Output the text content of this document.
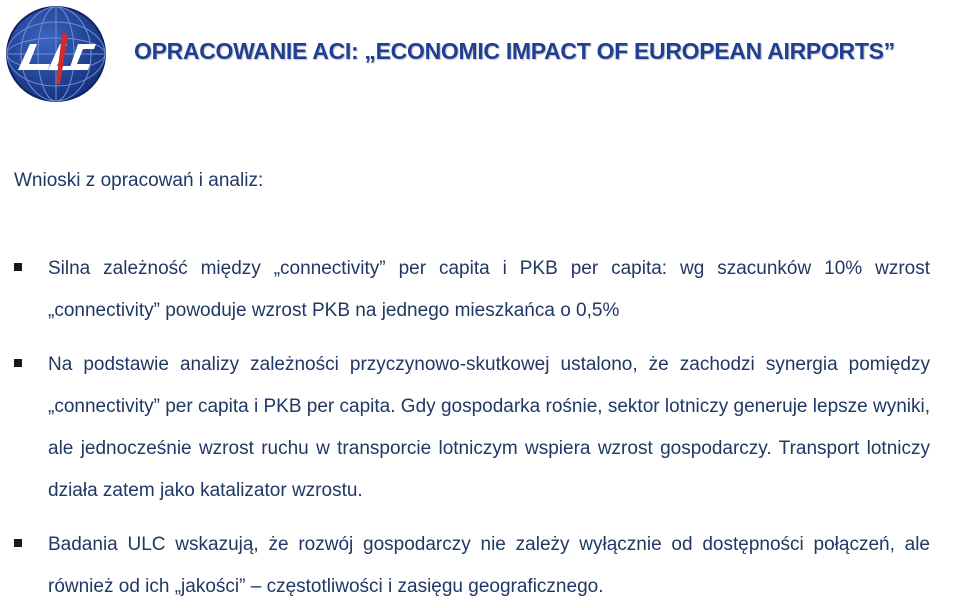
OPRACOWANIE ACI: „ECONOMIC IMPACT OF EUROPEAN AIRPORTS”
Wnioski z opracowań i analiz:
Silna zależność między „connectivity” per capita i PKB per capita: wg szacunków 10% wzrost „connectivity” powoduje wzrost PKB na jednego mieszkańca o 0,5%
Na podstawie analizy zależności przyczynowo-skutkowej ustalono, że zachodzi synergia pomiędzy „connectivity” per capita i PKB per capita. Gdy gospodarka rośnie, sektor lotniczy generuje lepsze wyniki, ale jednocześnie wzrost ruchu w transporcie lotniczym wspiera wzrost gospodarczy. Transport lotniczy działa zatem jako katalizator wzrostu.
Badania ULC wskazują, że rozwój gospodarczy nie zależy wyłącznie od dostępności połączeń, ale również od ich „jakości” – częstotliwości i zasięgu geograficznego.
